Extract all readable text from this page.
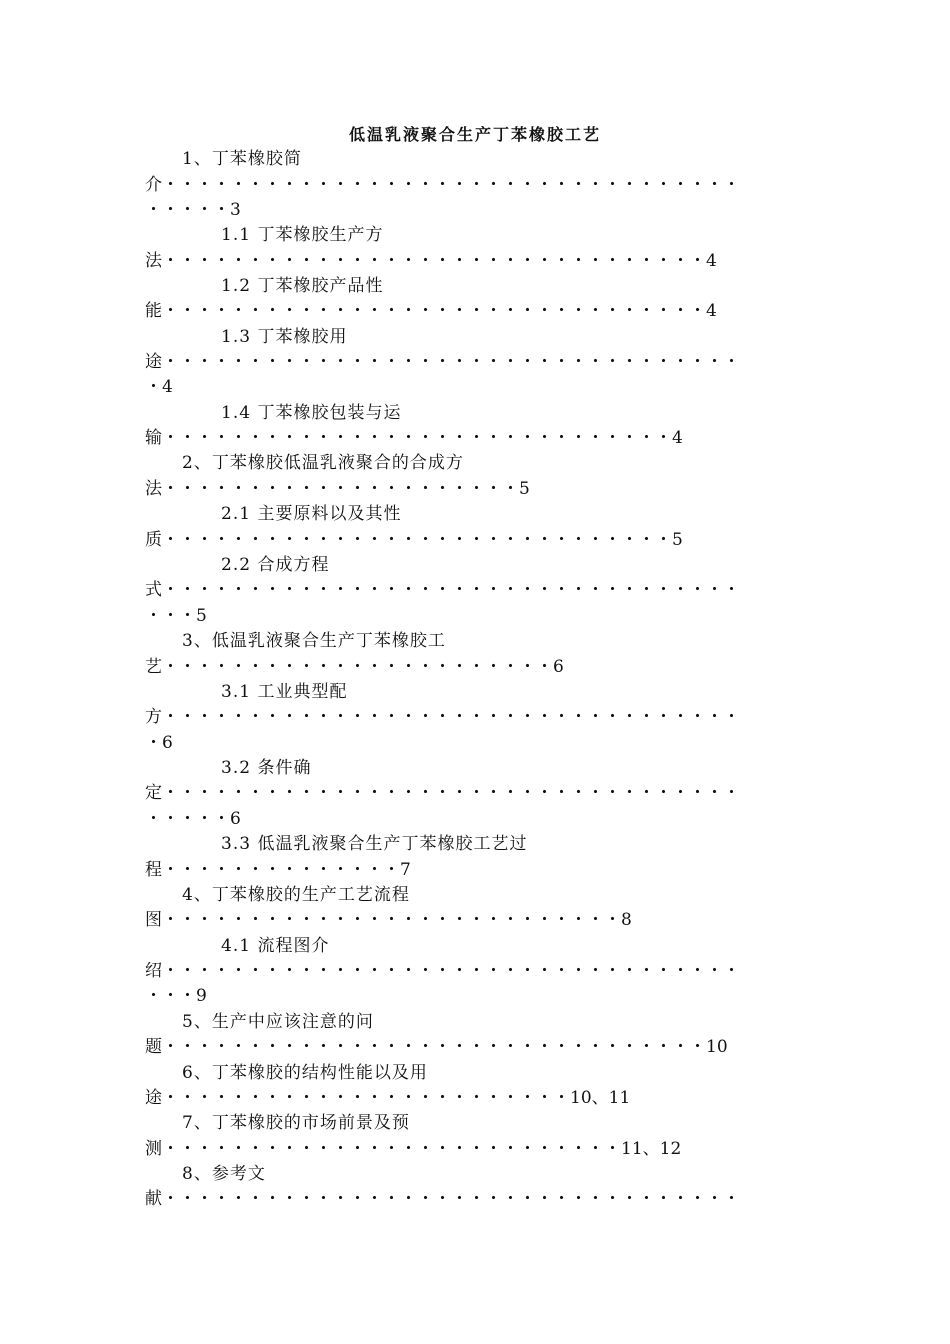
低温乳液聚合生产丁苯橡胶工艺
1、丁苯橡胶简
介・・・・・・・・・・・・・・・・・・・・・・・・・・・・・・・・・・
・・・・・3
1.1 丁苯橡胶生产方
法・・・・・・・・・・・・・・・・・・・・・・・・・・・・・・・・4
1.2 丁苯橡胶产品性
能・・・・・・・・・・・・・・・・・・・・・・・・・・・・・・・・4
1.3 丁苯橡胶用
途・・・・・・・・・・・・・・・・・・・・・・・・・・・・・・・・・・
・4
1.4 丁苯橡胶包装与运
输・・・・・・・・・・・・・・・・・・・・・・・・・・・・・・4
2、丁苯橡胶低温乳液聚合的合成方
法・・・・・・・・・・・・・・・・・・・・・5
2.1 主要原料以及其性
质・・・・・・・・・・・・・・・・・・・・・・・・・・・・・・5
2.2 合成方程
式・・・・・・・・・・・・・・・・・・・・・・・・・・・・・・・・・・
・・・5
3、低温乳液聚合生产丁苯橡胶工
艺・・・・・・・・・・・・・・・・・・・・・・・6
3.1 工业典型配
方・・・・・・・・・・・・・・・・・・・・・・・・・・・・・・・・・・
・6
3.2 条件确
定・・・・・・・・・・・・・・・・・・・・・・・・・・・・・・・・・・
・・・・・6
3.3 低温乳液聚合生产丁苯橡胶工艺过
程・・・・・・・・・・・・・・7
4、丁苯橡胶的生产工艺流程
图・・・・・・・・・・・・・・・・・・・・・・・・・・・8
4.1 流程图介
绍・・・・・・・・・・・・・・・・・・・・・・・・・・・・・・・・・・
・・・9
5、生产中应该注意的问
题・・・・・・・・・・・・・・・・・・・・・・・・・・・・・・・・10
6、丁苯橡胶的结构性能以及用
途・・・・・・・・・・・・・・・・・・・・・・・・10、11
7、丁苯橡胶的市场前景及预
测・・・・・・・・・・・・・・・・・・・・・・・・・・・11、12
8、参考文
献・・・・・・・・・・・・・・・・・・・・・・・・・・・・・・・・・・
